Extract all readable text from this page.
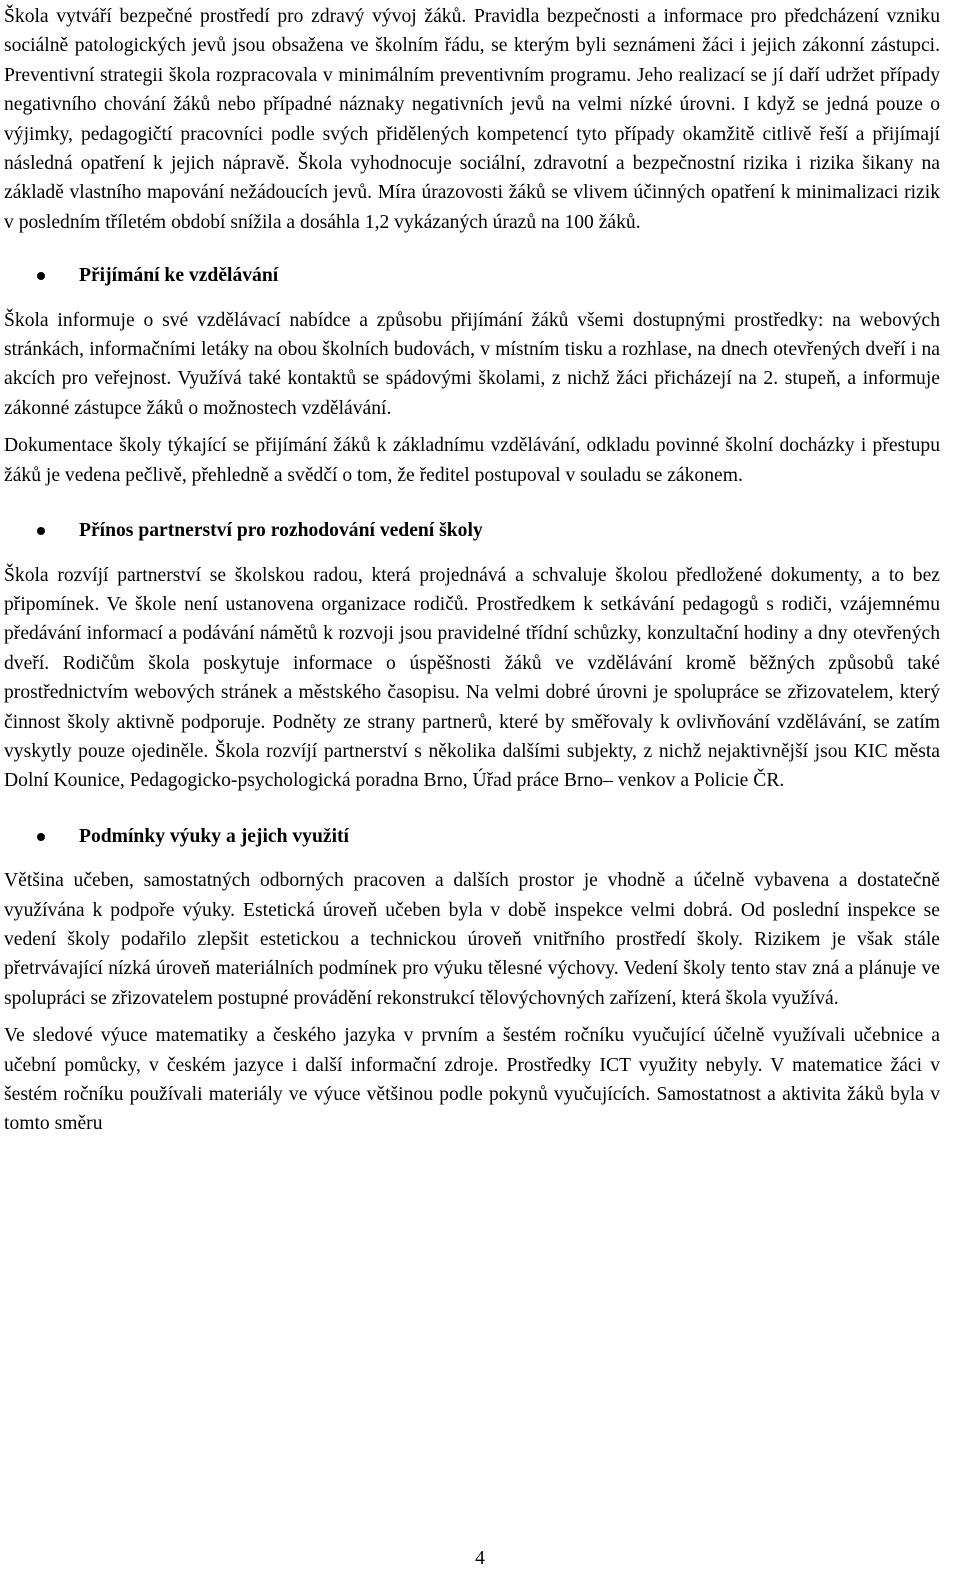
Škola vytváří bezpečné prostředí pro zdravý vývoj žáků. Pravidla bezpečnosti a informace pro předcházení vzniku sociálně patologických jevů jsou obsažena ve školním řádu, se kterým byli seznámeni žáci i jejich zákonní zástupci. Preventivní strategii škola rozpracovala v minimálním preventivním programu. Jeho realizací se jí daří udržet případy negativního chování žáků nebo případné náznaky negativních jevů na velmi nízké úrovni. I když se jedná pouze o výjimky, pedagogičtí pracovníci podle svých přidělených kompetencí tyto případy okamžitě citlivě řeší a přijímají následná opatření k jejich nápravě. Škola vyhodnocuje sociální, zdravotní a bezpečnostní rizika i rizika šikany na základě vlastního mapování nežádoucích jevů. Míra úrazovosti žáků se vlivem účinných opatření k minimalizaci rizik v posledním tříletém období snížila a dosáhla 1,2 vykázaných úrazů na 100 žáků.

Přijímání ke vzdělávání

Škola informuje o své vzdělávací nabídce a způsobu přijímání žáků všemi dostupnými prostředky: na webových stránkách, informačními letáky na obou školních budovách, v místním tisku a rozhlase, na dnech otevřených dveří i na akcích pro veřejnost. Využívá také kontaktů se spádovými školami, z nichž žáci přicházejí na 2. stupeň, a informuje zákonné zástupce žáků o možnostech vzdělávání.

Dokumentace školy týkající se přijímání žáků k základnímu vzdělávání, odkladu povinné školní docházky i přestupu žáků je vedena pečlivě, přehledně a svědčí o tom, že ředitel postupoval v souladu se zákonem.

Přínos partnerství pro rozhodování vedení školy

Škola rozvíjí partnerství se školskou radou, která projednává a schvaluje školou předložené dokumenty, a to bez připomínek. Ve škole není ustanovena organizace rodičů. Prostředkem k setkávání pedagogů s rodiči, vzájemnému předávání informací a podávání námětů k rozvoji jsou pravidelné třídní schůzky, konzultační hodiny a dny otevřených dveří. Rodičům škola poskytuje informace o úspěšnosti žáků ve vzdělávání kromě běžných způsobů také prostřednictvím webových stránek a městského časopisu. Na velmi dobré úrovni je spolupráce se zřizovatelem, který činnost školy aktivně podporuje. Podněty ze strany partnerů, které by směřovaly k ovlivňování vzdělávání, se zatím vyskytly pouze ojediněle. Škola rozvíjí partnerství s několika dalšími subjekty, z nichž nejaktivnější jsou KIC města Dolní Kounice, Pedagogicko-psychologická poradna Brno, Úřad práce Brno– venkov a Policie ČR.

Podmínky výuky a jejich využití

Většina učeben, samostatných odborných pracoven a dalších prostor je vhodně a účelně vybavena a dostatečně využívána k podpoře výuky. Estetická úroveň učeben byla v době inspekce velmi dobrá. Od poslední inspekce se vedení školy podařilo zlepšit estetickou a technickou úroveň vnitřního prostředí školy. Rizikem je však stále přetrvávající nízká úroveň materiálních podmínek pro výuku tělesné výchovy. Vedení školy tento stav zná a plánuje ve spolupráci se zřizovatelem postupné provádění rekonstrukcí tělovýchovných zařízení, která škola využívá.

Ve sledové výuce matematiky a českého jazyka v prvním a šestém ročníku vyučující účelně využívali učebnice a učební pomůcky, v českém jazyce i další informační zdroje. Prostředky ICT využity nebyly. V matematice žáci v šestém ročníku používali materiály ve výuce většinou podle pokynů vyučujících. Samostatnost a aktivita žáků byla v tomto směru

4
